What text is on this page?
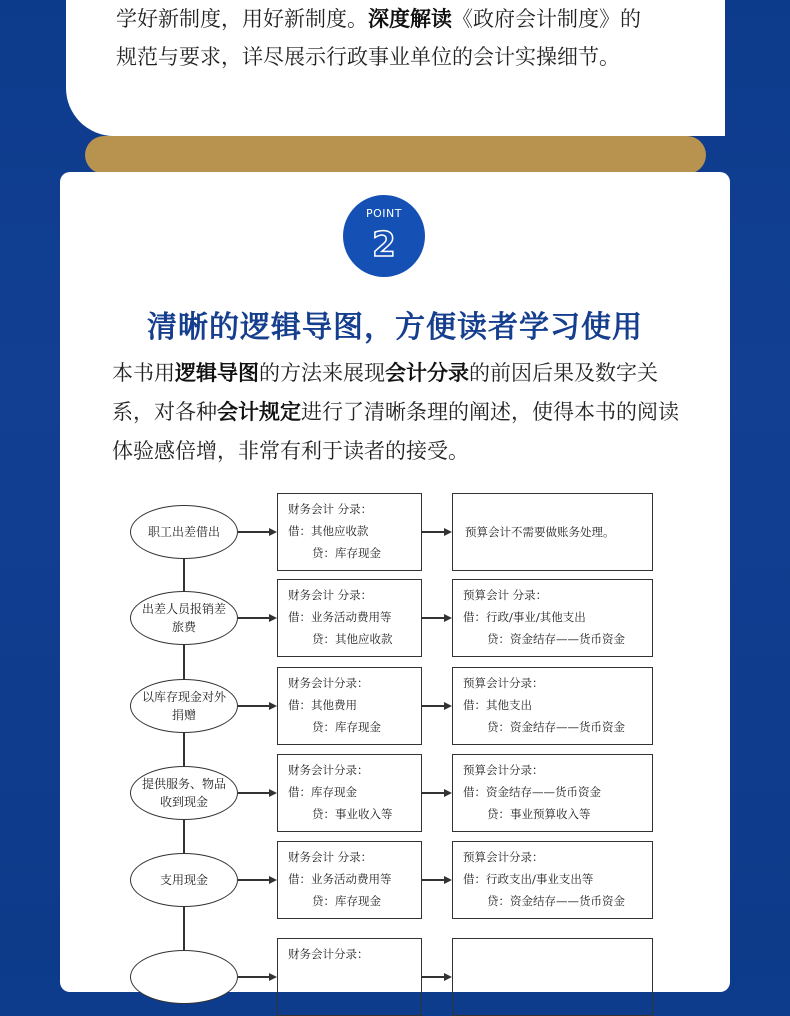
学好新制度，用好新制度。深度解读《政府会计制度》的
规范与要求，详尽展示行政事业单位的会计实操细节。
POINT
2
清晰的逻辑导图，方便读者学习使用
本书用逻辑导图的方法来展现会计分录的前因后果及数字关系，对各种会计规定进行了清晰条理的阐述，使得本书的阅读体验感倍增，非常有利于读者的接受。
职工出差借出
财务会计 分录：
借：其他应收款
贷：库存现金
预算会计不需要做账务处理。
出差人员报销差旅费
财务会计 分录：
借：业务活动费用等
贷：其他应收款
预算会计 分录：
借：行政/事业/其他支出
贷：资金结存——货币资金
以库存现金对外捐赠
财务会计分录：
借：其他费用
贷：库存现金
预算会计分录：
借：其他支出
贷：资金结存——货币资金
提供服务、物品收到现金
财务会计分录：
借：库存现金
贷：事业收入等
预算会计分录：
借：资金结存——货币资金
贷：事业预算收入等
支用现金
财务会计 分录：
借：业务活动费用等
贷：库存现金
预算会计分录：
借：行政支出/事业支出等
贷：资金结存——货币资金
财务会计分录：
